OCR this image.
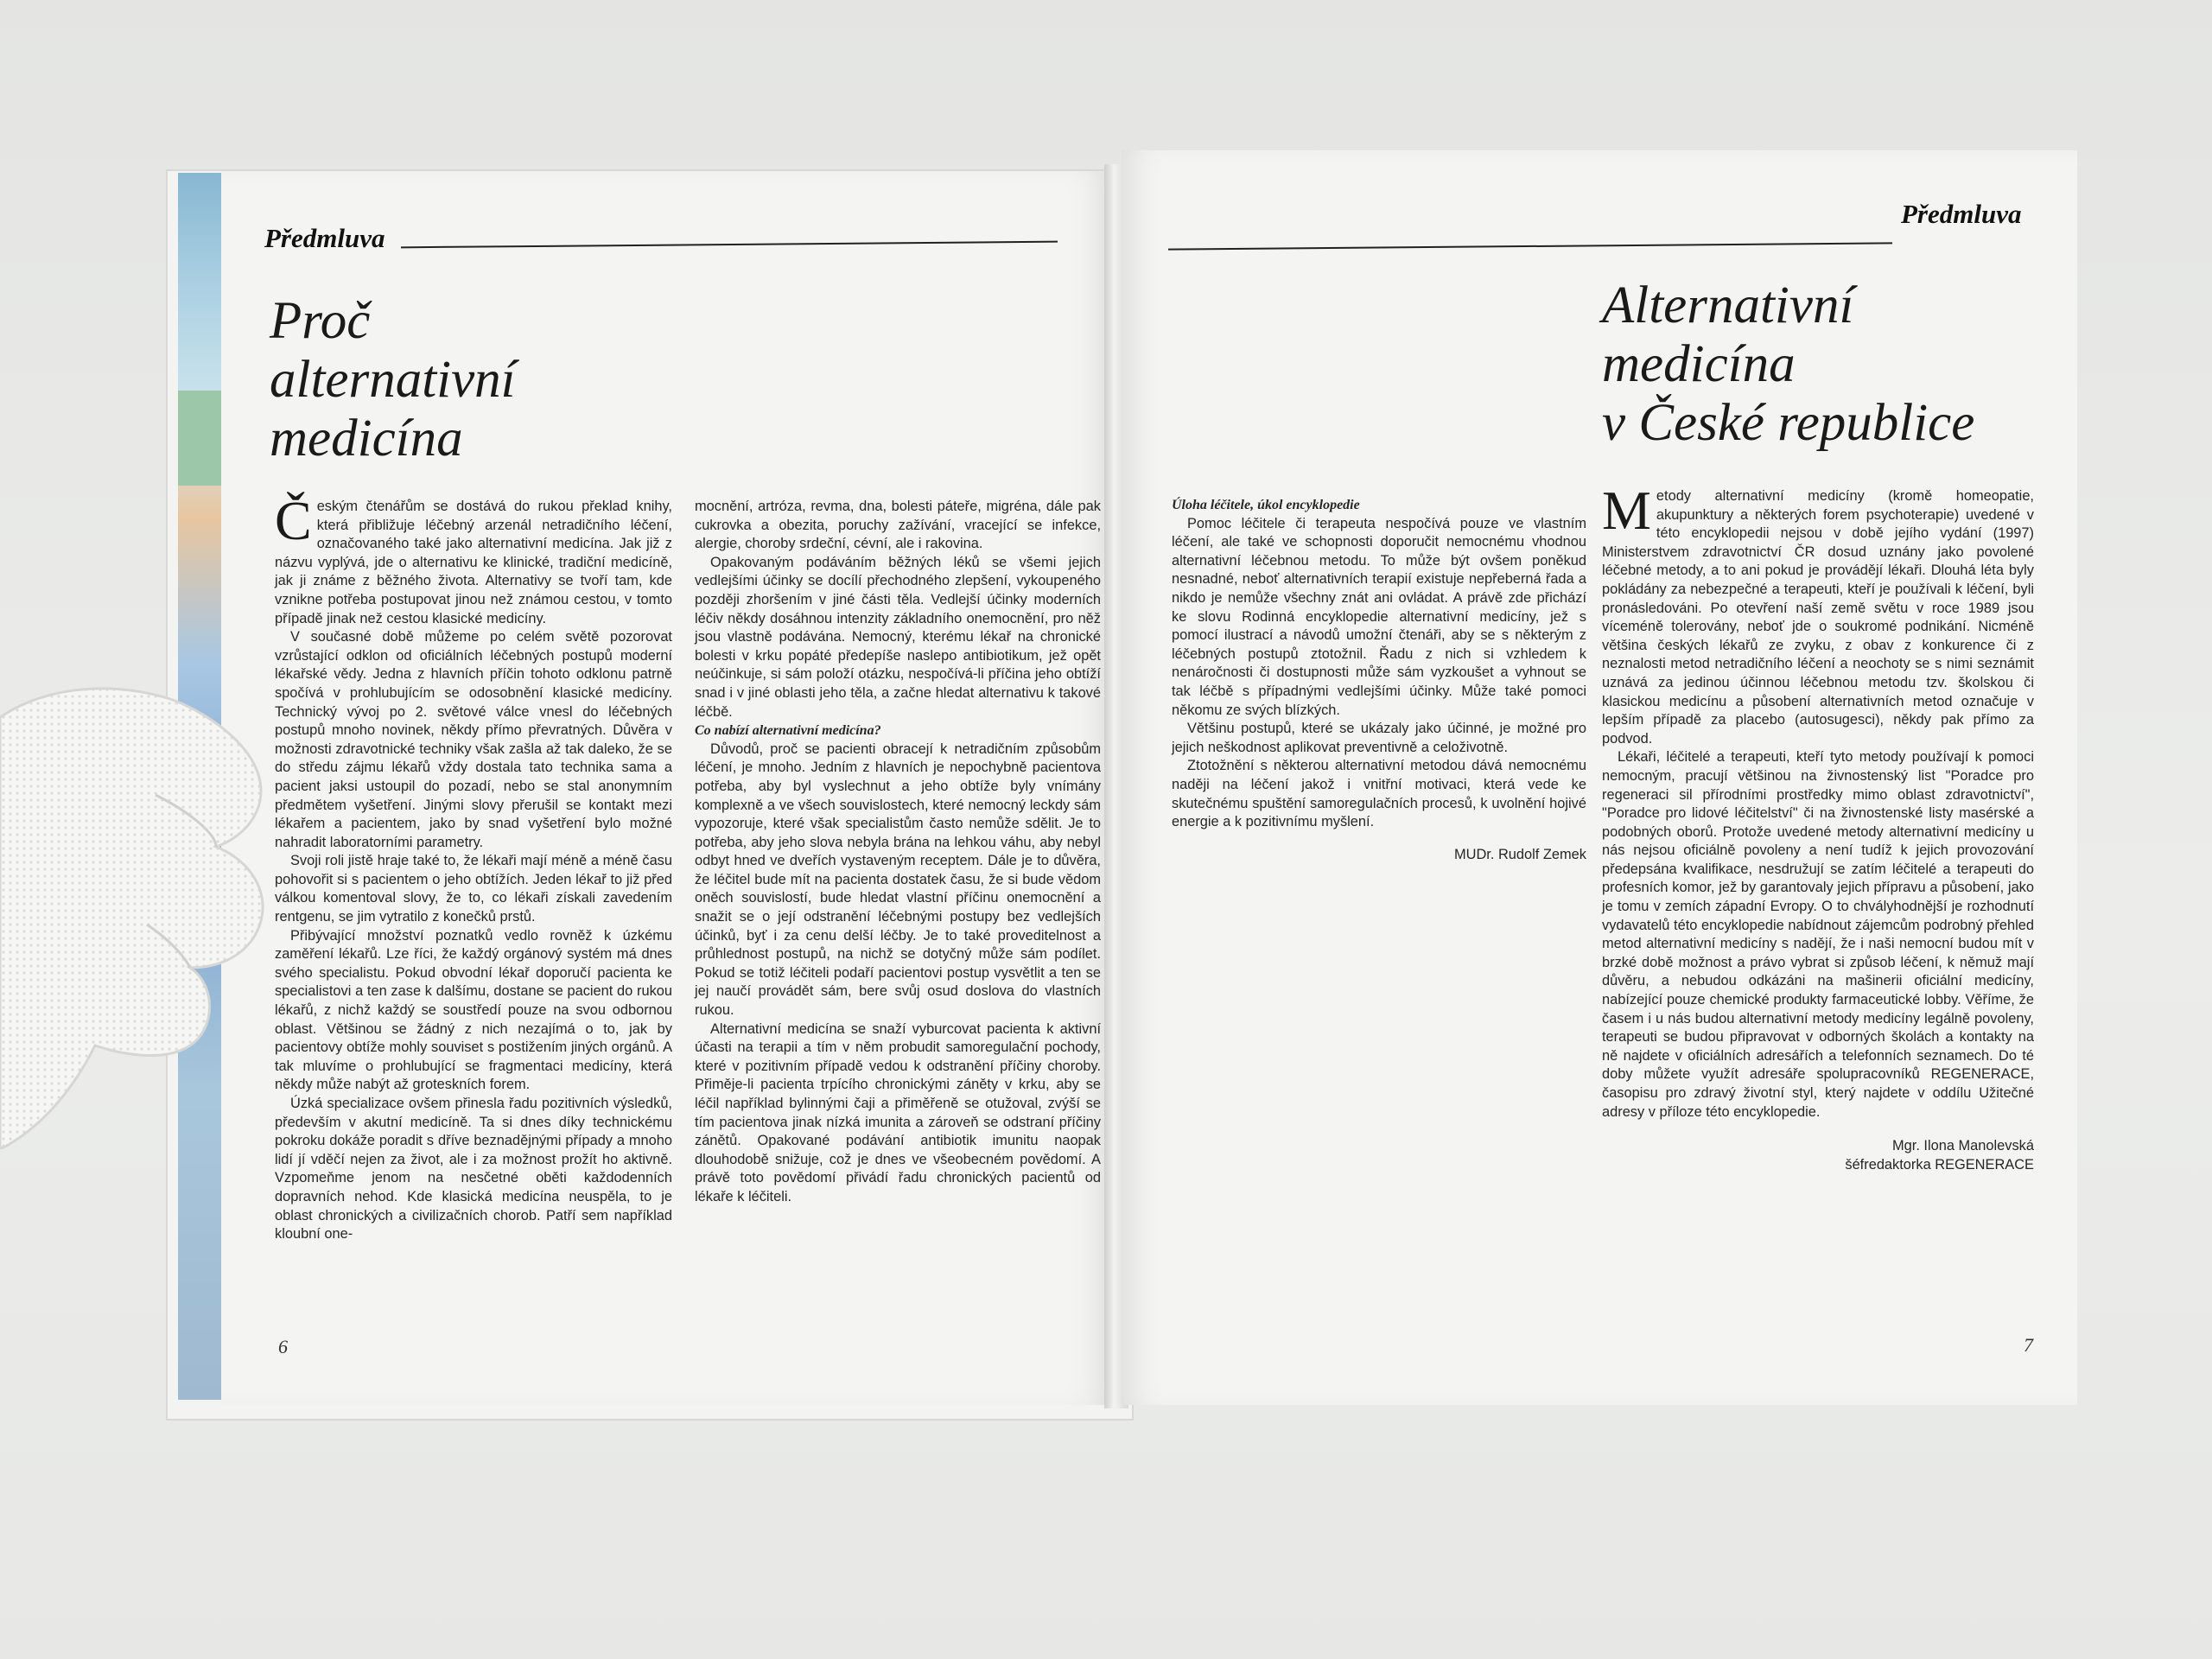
Předmluva
Proč
alternativní
medicína

Českým čtenářům se dostává do rukou překlad knihy, která přibližuje léčebný arzenál netradičního léčení, označovaného také jako alternativní medicína. Jak již z názvu vyplývá, jde o alternativu ke klinické, tradiční medicíně, jak ji známe z běžného života. Alternativy se tvoří tam, kde vznikne potřeba postupovat jinou než známou cestou, v tomto případě jinak než cestou klasické medicíny.

V současné době můžeme po celém světě pozorovat vzrůstající odklon od oficiálních léčebných postupů moderní lékařské vědy. Jedna z hlavních příčin tohoto odklonu patrně spočívá v prohlubujícím se odosobnění klasické medicíny. Technický vývoj po 2. světové válce vnesl do léčebných postupů mnoho novinek, někdy přímo převratných. Důvěra v možnosti zdravotnické techniky však zašla až tak daleko, že se do středu zájmu lékařů vždy dostala tato technika sama a pacient jaksi ustoupil do pozadí, nebo se stal anonymním předmětem vyšetření. Jinými slovy přerušil se kontakt mezi lékařem a pacientem, jako by snad vyšetření bylo možné nahradit laboratorními parametry.

Svoji roli jistě hraje také to, že lékaři mají méně a méně času pohovořit si s pacientem o jeho obtížích. Jeden lékař to již před válkou komentoval slovy, že to, co lékaři získali zavedením rentgenu, se jim vytratilo z konečků prstů.

Přibývající množství poznatků vedlo rovněž k úzkému zaměření lékařů. Lze říci, že každý orgánový systém má dnes svého specialistu. Pokud obvodní lékař doporučí pacienta ke specialistovi a ten zase k dalšímu, dostane se pacient do rukou lékařů, z nichž každý se soustředí pouze na svou odbornou oblast. Většinou se žádný z nich nezajímá o to, jak by pacientovy obtíže mohly souviset s postižením jiných orgánů. A tak mluvíme o prohlubující se fragmentaci medicíny, která někdy může nabýt až groteskních forem.

Úzká specializace ovšem přinesla řadu pozitivních výsledků, především v akutní medicíně. Ta si dnes díky technickému pokroku dokáže poradit s dříve beznadějnými případy a mnoho lidí jí vděčí nejen za život, ale i za možnost prožít ho aktivně. Vzpomeňme jenom na nesčetné oběti každodenních dopravních nehod. Kde klasická medicína neuspěla, to je oblast chronických a civilizačních chorob. Patří sem například kloubní one-

mocnění, artróza, revma, dna, bolesti páteře, migréna, dále pak cukrovka a obezita, poruchy zažívání, vracející se infekce, alergie, choroby srdeční, cévní, ale i rakovina.

Opakovaným podáváním běžných léků se všemi jejich vedlejšími účinky se docílí přechodného zlepšení, vykoupeného později zhoršením v jiné části těla. Vedlejší účinky moderních léčiv někdy dosáhnou intenzity základního onemocnění, pro něž jsou vlastně podávána. Nemocný, kterému lékař na chronické bolesti v krku popáté předepíše naslepo antibiotikum, jež opět neúčinkuje, si sám položí otázku, nespočívá-li příčina jeho obtíží snad i v jiné oblasti jeho těla, a začne hledat alternativu k takové léčbě.

Co nabízí alternativní medicína?

Důvodů, proč se pacienti obracejí k netradičním způsobům léčení, je mnoho. Jedním z hlavních je nepochybně pacientova potřeba, aby byl vyslechnut a jeho obtíže byly vnímány komplexně a ve všech souvislostech, které nemocný leckdy sám vypozoruje, které však specialistům často nemůže sdělit. Je to potřeba, aby jeho slova nebyla brána na lehkou váhu, aby nebyl odbyt hned ve dveřích vystaveným receptem. Dále je to důvěra, že léčitel bude mít na pacienta dostatek času, že si bude vědom oněch souvislostí, bude hledat vlastní příčinu onemocnění a snažit se o její odstranění léčebnými postupy bez vedlejších účinků, byť i za cenu delší léčby. Je to také proveditelnost a průhlednost postupů, na nichž se dotyčný může sám podílet. Pokud se totiž léčiteli podaří pacientovi postup vysvětlit a ten se jej naučí provádět sám, bere svůj osud doslova do vlastních rukou.

Alternativní medicína se snaží vyburcovat pacienta k aktivní účasti na terapii a tím v něm probudit samoregulační pochody, které v pozitivním případě vedou k odstranění příčiny choroby. Přiměje-li pacienta trpícího chronickými záněty v krku, aby se léčil například bylinnými čaji a přiměřeně se otužoval, zvýší se tím pacientova jinak nízká imunita a zároveň se odstraní příčiny zánětů. Opakované podávání antibiotik imunitu naopak dlouhodobě snižuje, což je dnes ve všeobecném povědomí. A právě toto povědomí přivádí řadu chronických pacientů od lékaře k léčiteli.

6
Předmluva
Alternativní
medicína
v České republice

Úloha léčitele, úkol encyklopedie

Pomoc léčitele či terapeuta nespočívá pouze ve vlastním léčení, ale také ve schopnosti doporučit nemocnému vhodnou alternativní léčebnou metodu. To může být ovšem poněkud nesnadné, neboť alternativních terapií existuje nepřeberná řada a nikdo je nemůže všechny znát ani ovládat. A právě zde přichází ke slovu Rodinná encyklopedie alternativní medicíny, jež s pomocí ilustrací a návodů umožní čtenáři, aby se s některým z léčebných postupů ztotožnil. Řadu z nich si vzhledem k nenáročnosti či dostupnosti může sám vyzkoušet a vyhnout se tak léčbě s případnými vedlejšími účinky. Může také pomoci někomu ze svých blízkých.

Většinu postupů, které se ukázaly jako účinné, je možné pro jejich neškodnost aplikovat preventivně a celoživotně.

Ztotožnění s některou alternativní metodou dává nemocnému naději na léčení jakož i vnitřní motivaci, která vede ke skutečnému spuštění samoregulačních procesů, k uvolnění hojivé energie a k pozitivnímu myšlení.

MUDr. Rudolf Zemek

Metody alternativní medicíny (kromě homeopatie, akupunktury a některých forem psychoterapie) uvedené v této encyklopedii nejsou v době jejího vydání (1997) Ministerstvem zdravotnictví ČR dosud uznány jako povolené léčebné metody, a to ani pokud je provádějí lékaři. Dlouhá léta byly pokládány za nebezpečné a terapeuti, kteří je používali k léčení, byli pronásledováni. Po otevření naší země světu v roce 1989 jsou víceméně tolerovány, neboť jde o soukromé podnikání. Nicméně většina českých lékařů ze zvyku, z obav z konkurence či z neznalosti metod netradičního léčení a neochoty se s nimi seznámit uznává za jedinou účinnou léčebnou metodu tzv. školskou či klasickou medicínu a působení alternativních metod označuje v lepším případě za placebo (autosugesci), někdy pak přímo za podvod.

Lékaři, léčitelé a terapeuti, kteří tyto metody používají k pomoci nemocným, pracují většinou na živnostenský list "Poradce pro regeneraci sil přírodními prostředky mimo oblast zdravotnictví", "Poradce pro lidové léčitelství" či na živnostenské listy masérské a podobných oborů. Protože uvedené metody alternativní medicíny u nás nejsou oficiálně povoleny a není tudíž k jejich provozování předepsána kvalifikace, nesdružují se zatím léčitelé a terapeuti do profesních komor, jež by garantovaly jejich přípravu a působení, jako je tomu v zemích západní Evropy. O to chvályhodnější je rozhodnutí vydavatelů této encyklopedie nabídnout zájemcům podrobný přehled metod alternativní medicíny s nadějí, že i naši nemocní budou mít v brzké době možnost a právo vybrat si způsob léčení, k němuž mají důvěru, a nebudou odkázáni na mašinerii oficiální medicíny, nabízející pouze chemické produkty farmaceutické lobby. Věříme, že časem i u nás budou alternativní metody medicíny legálně povoleny, terapeuti se budou připravovat v odborných školách a kontakty na ně najdete v oficiálních adresářích a telefonních seznamech. Do té doby můžete využít adresáře spolupracovníků REGENERACE, časopisu pro zdravý životní styl, který najdete v oddílu Užitečné adresy v příloze této encyklopedie.

Mgr. Ilona Manolevská

šéfredaktorka REGENERACE

7
